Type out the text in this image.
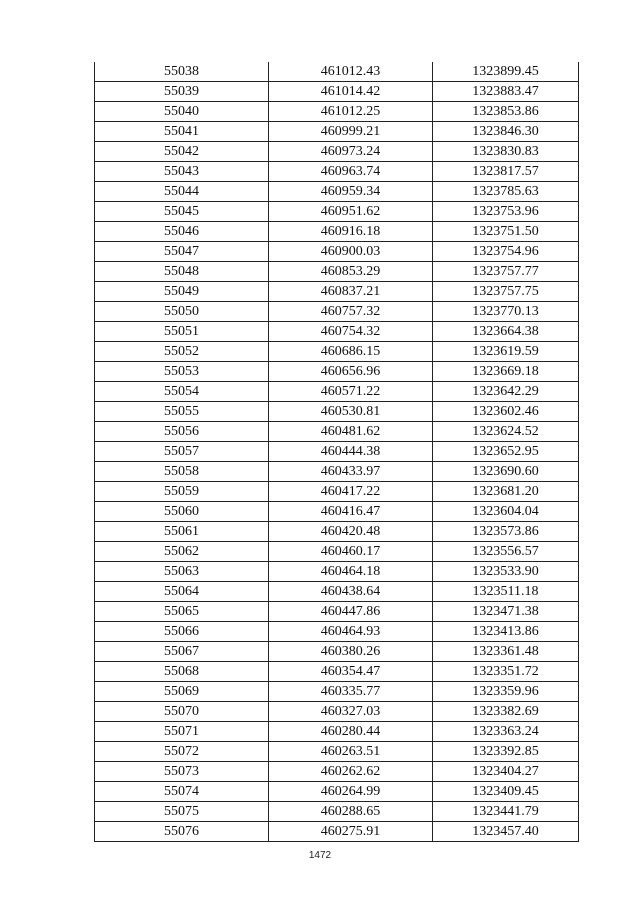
55038	461012.43	1323899.45
55039	461014.42	1323883.47
55040	461012.25	1323853.86
55041	460999.21	1323846.30
55042	460973.24	1323830.83
55043	460963.74	1323817.57
55044	460959.34	1323785.63
55045	460951.62	1323753.96
55046	460916.18	1323751.50
55047	460900.03	1323754.96
55048	460853.29	1323757.77
55049	460837.21	1323757.75
55050	460757.32	1323770.13
55051	460754.32	1323664.38
55052	460686.15	1323619.59
55053	460656.96	1323669.18
55054	460571.22	1323642.29
55055	460530.81	1323602.46
55056	460481.62	1323624.52
55057	460444.38	1323652.95
55058	460433.97	1323690.60
55059	460417.22	1323681.20
55060	460416.47	1323604.04
55061	460420.48	1323573.86
55062	460460.17	1323556.57
55063	460464.18	1323533.90
55064	460438.64	1323511.18
55065	460447.86	1323471.38
55066	460464.93	1323413.86
55067	460380.26	1323361.48
55068	460354.47	1323351.72
55069	460335.77	1323359.96
55070	460327.03	1323382.69
55071	460280.44	1323363.24
55072	460263.51	1323392.85
55073	460262.62	1323404.27
55074	460264.99	1323409.45
55075	460288.65	1323441.79
55076	460275.91	1323457.40
1472
